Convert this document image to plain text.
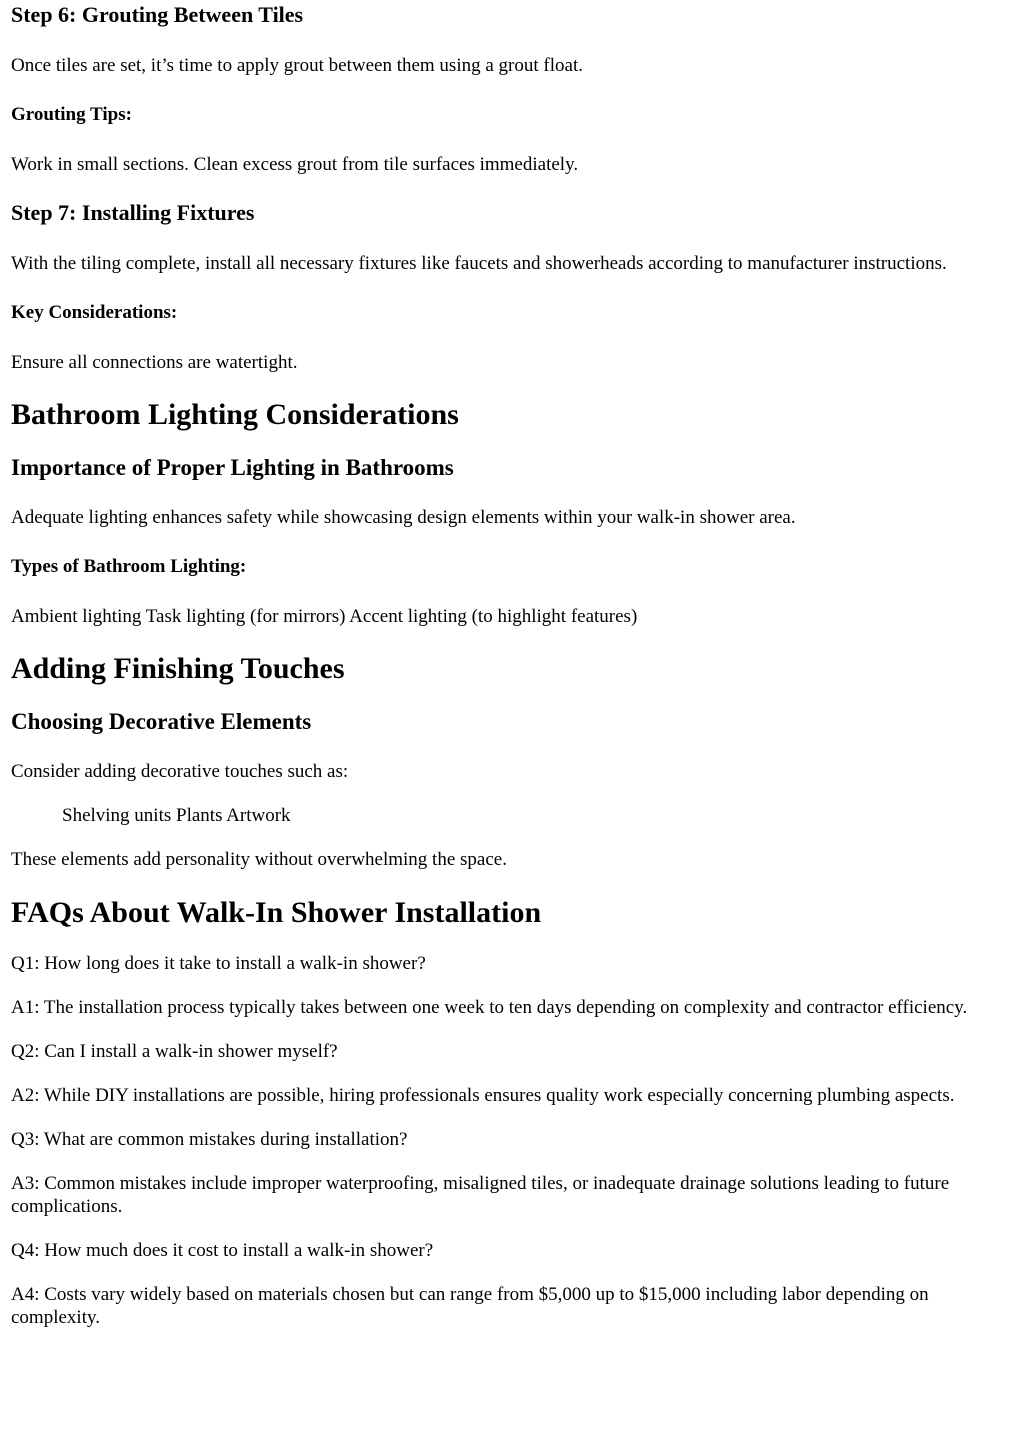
Step 6: Grouting Between Tiles
Once tiles are set, it’s time to apply grout between them using a grout float.
Grouting Tips:
Work in small sections. Clean excess grout from tile surfaces immediately.
Step 7: Installing Fixtures
With the tiling complete, install all necessary fixtures like faucets and showerheads according to manufacturer instructions.
Key Considerations:
Ensure all connections are watertight.
Bathroom Lighting Considerations
Importance of Proper Lighting in Bathrooms
Adequate lighting enhances safety while showcasing design elements within your walk-in shower area.
Types of Bathroom Lighting:
Ambient lighting Task lighting (for mirrors) Accent lighting (to highlight features)
Adding Finishing Touches
Choosing Decorative Elements
Consider adding decorative touches such as:
Shelving units Plants Artwork
These elements add personality without overwhelming the space.
FAQs About Walk-In Shower Installation
Q1: How long does it take to install a walk-in shower?
A1: The installation process typically takes between one week to ten days depending on complexity and contractor efficiency.
Q2: Can I install a walk-in shower myself?
A2: While DIY installations are possible, hiring professionals ensures quality work especially concerning plumbing aspects.
Q3: What are common mistakes during installation?
A3: Common mistakes include improper waterproofing, misaligned tiles, or inadequate drainage solutions leading to future complications.
Q4: How much does it cost to install a walk-in shower?
A4: Costs vary widely based on materials chosen but can range from $5,000 up to $15,000 including labor depending on complexity.
